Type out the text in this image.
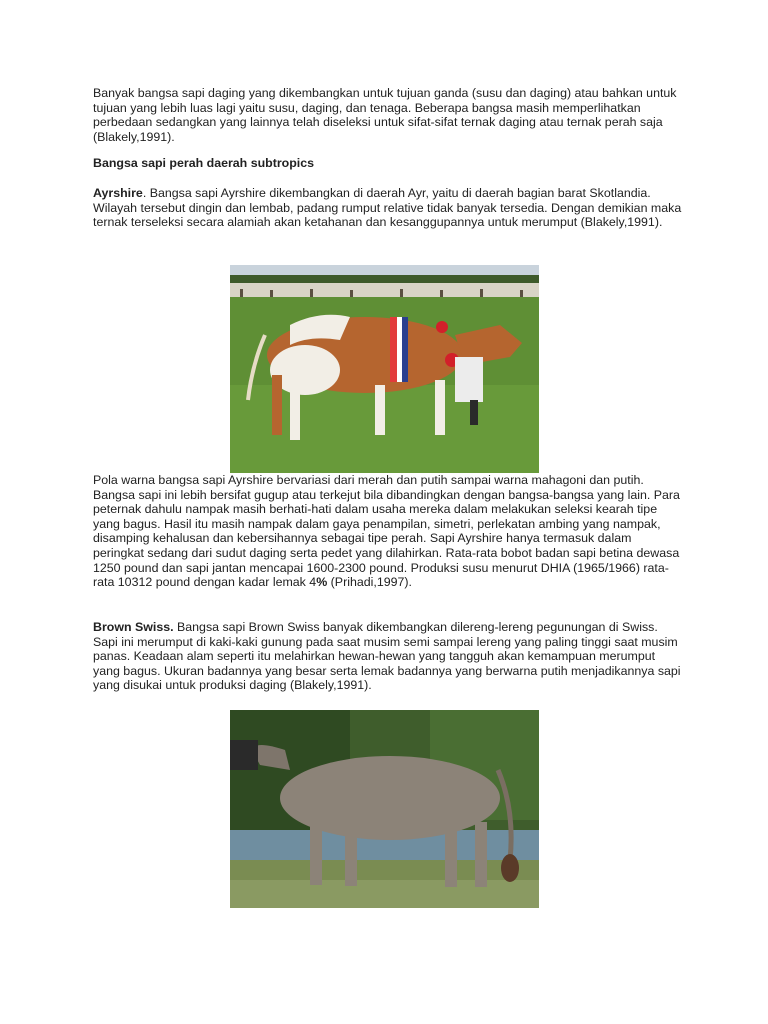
Banyak bangsa sapi daging yang dikembangkan untuk tujuan ganda (susu dan daging) atau bahkan untuk tujuan yang lebih luas lagi yaitu susu, daging, dan tenaga. Beberapa bangsa masih memperlihatkan perbedaan sedangkan yang lainnya telah diseleksi untuk sifat-sifat ternak daging atau ternak perah saja (Blakely,1991).

Bangsa sapi perah daerah subtropics

Ayrshire. Bangsa sapi Ayrshire dikembangkan di daerah Ayr, yaitu di daerah bagian barat Skotlandia. Wilayah tersebut dingin dan lembab, padang rumput relative tidak banyak tersedia. Dengan demikian maka ternak terseleksi secara alamiah akan ketahanan dan kesanggupannya untuk merumput (Blakely,1991).

Pola warna bangsa sapi Ayrshire bervariasi dari merah dan putih sampai warna mahagoni dan putih. Bangsa sapi ini lebih bersifat gugup atau terkejut bila dibandingkan dengan bangsa-bangsa yang lain. Para peternak dahulu nampak masih berhati-hati dalam usaha mereka dalam melakukan seleksi kearah tipe yang bagus. Hasil itu masih nampak dalam gaya penampilan, simetri, perlekatan ambing yang nampak, disamping kehalusan dan kebersihannya sebagai tipe perah. Sapi Ayrshire hanya termasuk dalam peringkat sedang dari sudut daging serta pedet yang dilahirkan. Rata-rata bobot badan sapi betina dewasa 1250 pound dan sapi jantan mencapai 1600-2300 pound. Produksi susu menurut DHIA (1965/1966) rata-rata 10312 pound dengan kadar lemak 4% (Prihadi,1997).

Brown Swiss. Bangsa sapi Brown Swiss banyak dikembangkan dilereng-lereng pegunungan di Swiss. Sapi ini merumput di kaki-kaki gunung pada saat musim semi sampai lereng yang paling tinggi saat musim panas. Keadaan alam seperti itu melahirkan hewan-hewan yang tangguh akan kemampuan merumput yang bagus. Ukuran badannya yang besar serta lemak badannya yang berwarna putih menjadikannya sapi yang disukai untuk produksi daging (Blakely,1991).
